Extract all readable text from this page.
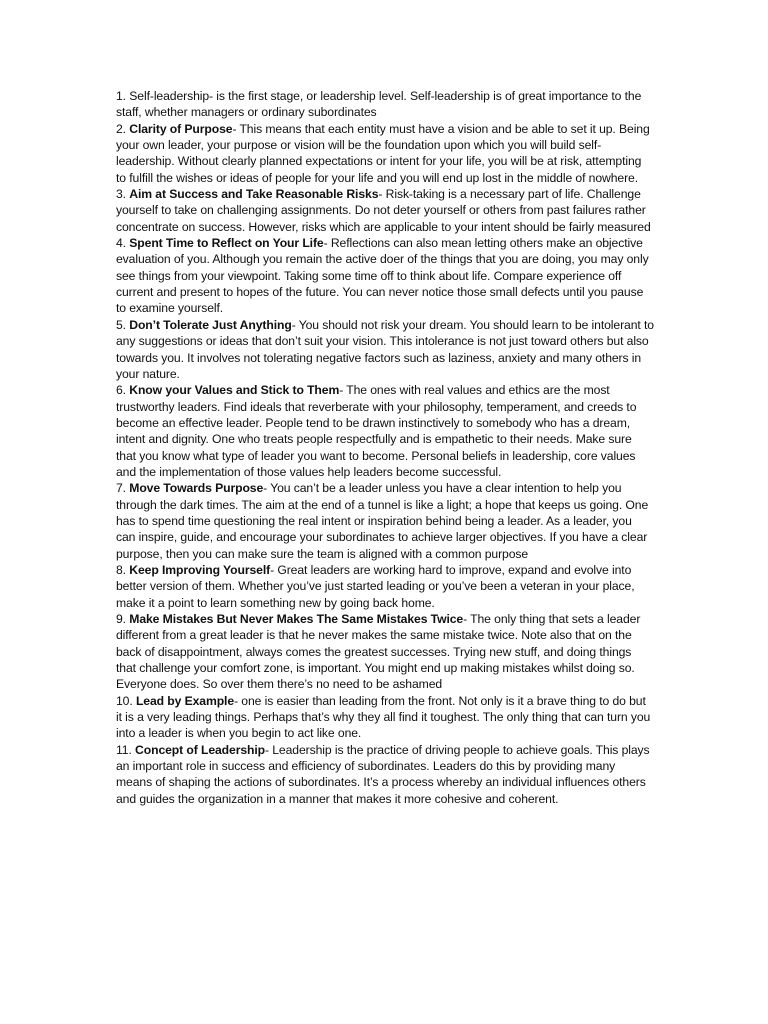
1. Self-leadership- is the first stage, or leadership level. Self-leadership is of great importance to the staff, whether managers or ordinary subordinates

2. Clarity of Purpose- This means that each entity must have a vision and be able to set it up. Being your own leader, your purpose or vision will be the foundation upon which you will build self-leadership. Without clearly planned expectations or intent for your life, you will be at risk, attempting to fulfill the wishes or ideas of people for your life and you will end up lost in the middle of nowhere.

3. Aim at Success and Take Reasonable Risks- Risk-taking is a necessary part of life. Challenge yourself to take on challenging assignments. Do not deter yourself or others from past failures rather concentrate on success. However, risks which are applicable to your intent should be fairly measured

4. Spent Time to Reflect on Your Life- Reflections can also mean letting others make an objective evaluation of you. Although you remain the active doer of the things that you are doing, you may only see things from your viewpoint. Taking some time off to think about life. Compare experience off current and present to hopes of the future. You can never notice those small defects until you pause to examine yourself.

5. Don’t Tolerate Just Anything- You should not risk your dream. You should learn to be intolerant to any suggestions or ideas that don’t suit your vision. This intolerance is not just toward others but also towards you. It involves not tolerating negative factors such as laziness, anxiety and many others in your nature.

6. Know your Values and Stick to Them- The ones with real values and ethics are the most trustworthy leaders. Find ideals that reverberate with your philosophy, temperament, and creeds to become an effective leader. People tend to be drawn instinctively to somebody who has a dream, intent and dignity. One who treats people respectfully and is empathetic to their needs. Make sure that you know what type of leader you want to become. Personal beliefs in leadership, core values and the implementation of those values help leaders become successful.

7. Move Towards Purpose- You can’t be a leader unless you have a clear intention to help you through the dark times. The aim at the end of a tunnel is like a light; a hope that keeps us going. One has to spend time questioning the real intent or inspiration behind being a leader. As a leader, you can inspire, guide, and encourage your subordinates to achieve larger objectives. If you have a clear purpose, then you can make sure the team is aligned with a common purpose

8. Keep Improving Yourself- Great leaders are working hard to improve, expand and evolve into better version of them. Whether you’ve just started leading or you’ve been a veteran in your place, make it a point to learn something new by going back home.

9. Make Mistakes But Never Makes The Same Mistakes Twice- The only thing that sets a leader different from a great leader is that he never makes the same mistake twice. Note also that on the back of disappointment, always comes the greatest successes. Trying new stuff, and doing things that challenge your comfort zone, is important. You might end up making mistakes whilst doing so. Everyone does. So over them there’s no need to be ashamed

10. Lead by Example- one is easier than leading from the front. Not only is it a brave thing to do but it is a very leading things. Perhaps that’s why they all find it toughest. The only thing that can turn you into a leader is when you begin to act like one.

11. Concept of Leadership- Leadership is the practice of driving people to achieve goals. This plays an important role in success and efficiency of subordinates. Leaders do this by providing many means of shaping the actions of subordinates. It’s a process whereby an individual influences others and guides the organization in a manner that makes it more cohesive and coherent.
